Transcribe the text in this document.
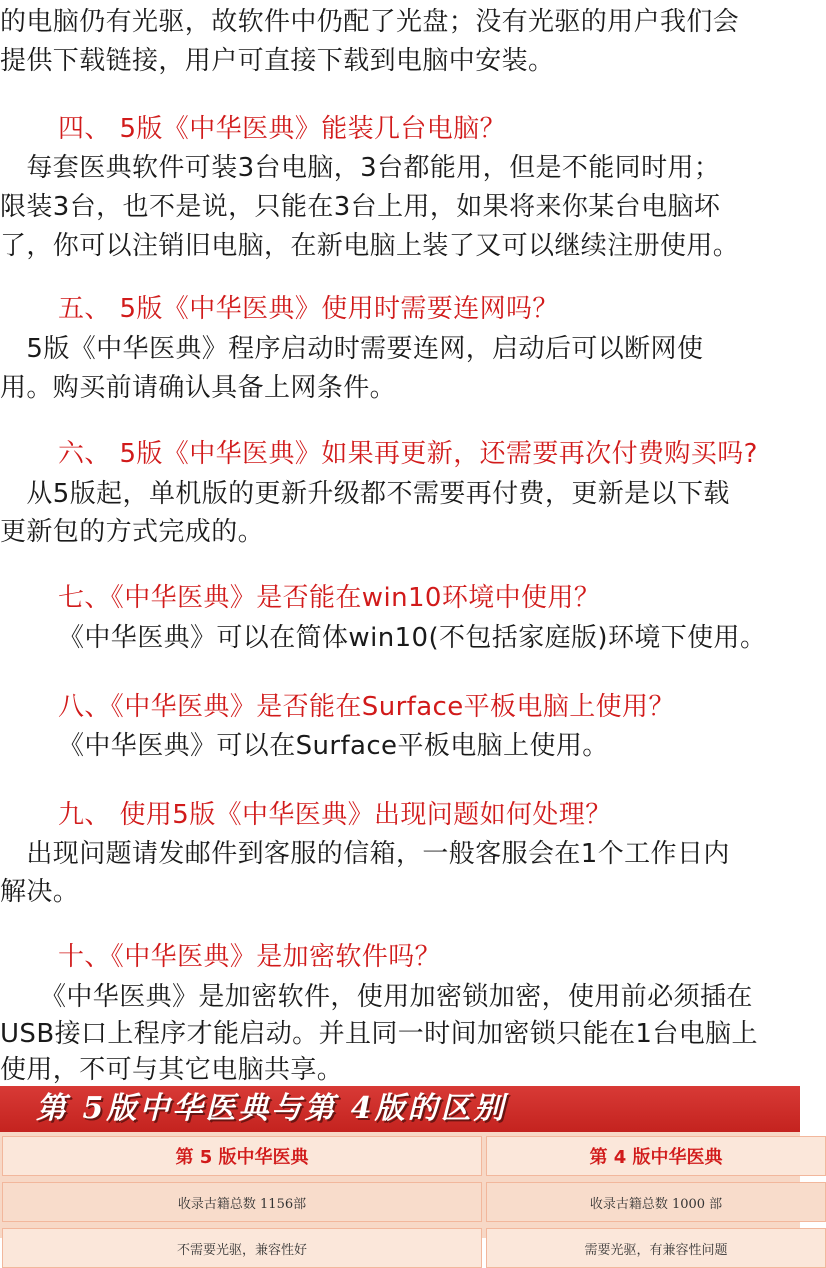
的电脑仍有光驱，故软件中仍配了光盘；没有光驱的用户我们会
提供下载链接，用户可直接下载到电脑中安装。
四、 5版《中华医典》能装几台电脑？
　每套医典软件可装3台电脑，3台都能用，但是不能同时用；
限装3台，也不是说，只能在3台上用，如果将来你某台电脑坏
了，你可以注销旧电脑，在新电脑上装了又可以继续注册使用。
五、 5版《中华医典》使用时需要连网吗？
　5版《中华医典》程序启动时需要连网，启动后可以断网使
用。购买前请确认具备上网条件。
六、 5版《中华医典》如果再更新，还需要再次付费购买吗?
　从5版起，单机版的更新升级都不需要再付费，更新是以下载
更新包的方式完成的。
七、《中华医典》是否能在win10环境中使用？
《中华医典》可以在简体win10(不包括家庭版)环境下使用。
八、《中华医典》是否能在Surface平板电脑上使用？
《中华医典》可以在Surface平板电脑上使用。
九、 使用5版《中华医典》出现问题如何处理？
　出现问题请发邮件到客服的信箱，一般客服会在1个工作日内
解决。
十、《中华医典》是加密软件吗？
《中华医典》是加密软件，使用加密锁加密，使用前必须插在
USB接口上程序才能启动。并且同一时间加密锁只能在1台电脑上
使用，不可与其它电脑共享。
第 5版中华医典与第 4版的区别
第 5 版中华医典	第 4 版中华医典
收录古籍总数 1156部	收录古籍总数 1000 部
不需要光驱，兼容性好	需要光驱，有兼容性问题
